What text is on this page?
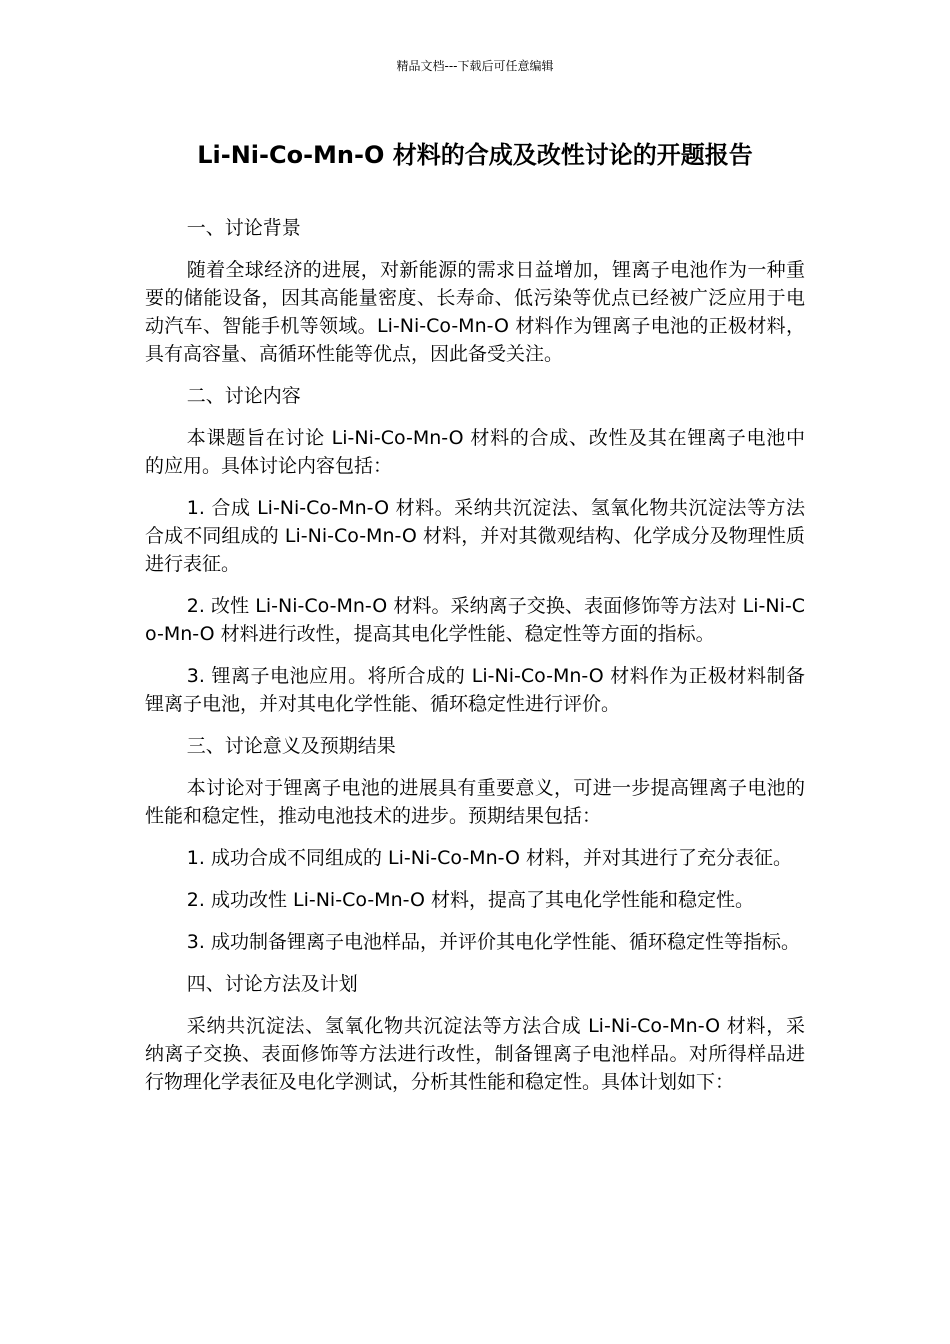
精品文档---下载后可任意编辑
Li-Ni-Co-Mn-O 材料的合成及改性讨论的开题报告

一、讨论背景

随着全球经济的进展，对新能源的需求日益增加，锂离子电池作为一种重要的储能设备，因其高能量密度、长寿命、低污染等优点已经被广泛应用于电动汽车、智能手机等领域。Li-Ni-Co-Mn-O 材料作为锂离子电池的正极材料，具有高容量、高循环性能等优点，因此备受关注。

二、讨论内容

本课题旨在讨论 Li-Ni-Co-Mn-O 材料的合成、改性及其在锂离子电池中的应用。具体讨论内容包括：

1. 合成 Li-Ni-Co-Mn-O 材料。采纳共沉淀法、氢氧化物共沉淀法等方法合成不同组成的 Li-Ni-Co-Mn-O 材料，并对其微观结构、化学成分及物理性质进行表征。

2. 改性 Li-Ni-Co-Mn-O 材料。采纳离子交换、表面修饰等方法对 Li-Ni-Co-Mn-O 材料进行改性，提高其电化学性能、稳定性等方面的指标。

3. 锂离子电池应用。将所合成的 Li-Ni-Co-Mn-O 材料作为正极材料制备锂离子电池，并对其电化学性能、循环稳定性进行评价。

三、讨论意义及预期结果

本讨论对于锂离子电池的进展具有重要意义，可进一步提高锂离子电池的性能和稳定性，推动电池技术的进步。预期结果包括：

1. 成功合成不同组成的 Li-Ni-Co-Mn-O 材料，并对其进行了充分表征。

2. 成功改性 Li-Ni-Co-Mn-O 材料，提高了其电化学性能和稳定性。

3. 成功制备锂离子电池样品，并评价其电化学性能、循环稳定性等指标。

四、讨论方法及计划

采纳共沉淀法、氢氧化物共沉淀法等方法合成 Li-Ni-Co-Mn-O 材料，采纳离子交换、表面修饰等方法进行改性，制备锂离子电池样品。对所得样品进行物理化学表征及电化学测试，分析其性能和稳定性。具体计划如下：
